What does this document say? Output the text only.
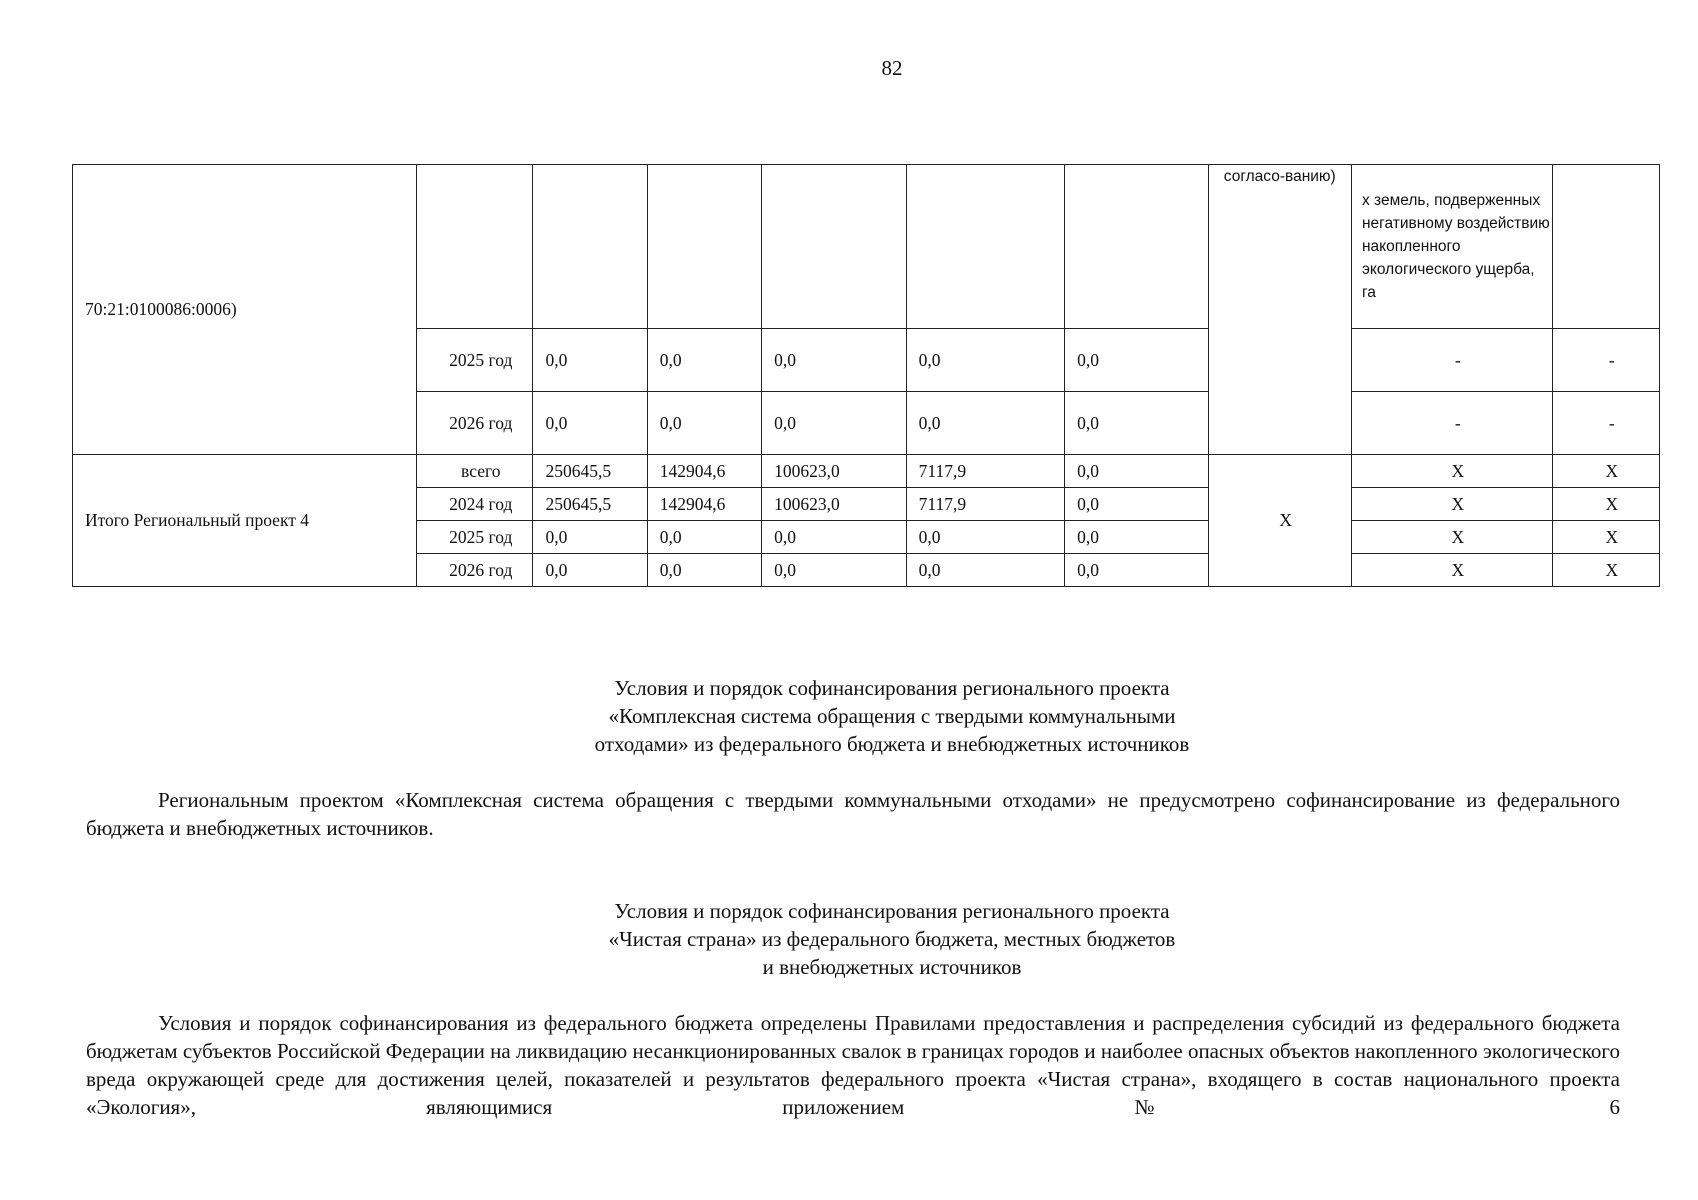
82
70:21:0100086:0006)							согласо-ванию)	х земель, подверженных негативному воздействию накопленного экологического ущерба, га	
	2025 год	0,0	0,0	0,0	0,0	0,0		-	-
	2026 год	0,0	0,0	0,0	0,0	0,0		-	-
Итого Региональный проект 4	всего	250645,5	142904,6	100623,0	7117,9	0,0	Х	Х	Х
	2024 год	250645,5	142904,6	100623,0	7117,9	0,0		Х	Х
	2025 год	0,0	0,0	0,0	0,0	0,0		Х	Х
	2026 год	0,0	0,0	0,0	0,0	0,0		Х	Х
Условия и порядок софинансирования регионального проекта
«Комплексная система обращения с твердыми коммунальными
отходами» из федерального бюджета и внебюджетных источников
Региональным проектом «Комплексная система обращения с твердыми коммунальными отходами» не предусмотрено софинансирование из федерального бюджета и внебюджетных источников.
Условия и порядок софинансирования регионального проекта
«Чистая страна» из федерального бюджета, местных бюджетов
и внебюджетных источников
Условия и порядок софинансирования из федерального бюджета определены Правилами предоставления и распределения субсидий из федерального бюджета бюджетам субъектов Российской Федерации на ликвидацию несанкционированных свалок в границах городов и наиболее опасных объектов накопленного экологического вреда окружающей среде для достижения целей, показателей и результатов федерального проекта «Чистая страна», входящего в состав национального проекта «Экология», являющимися приложением № 6
